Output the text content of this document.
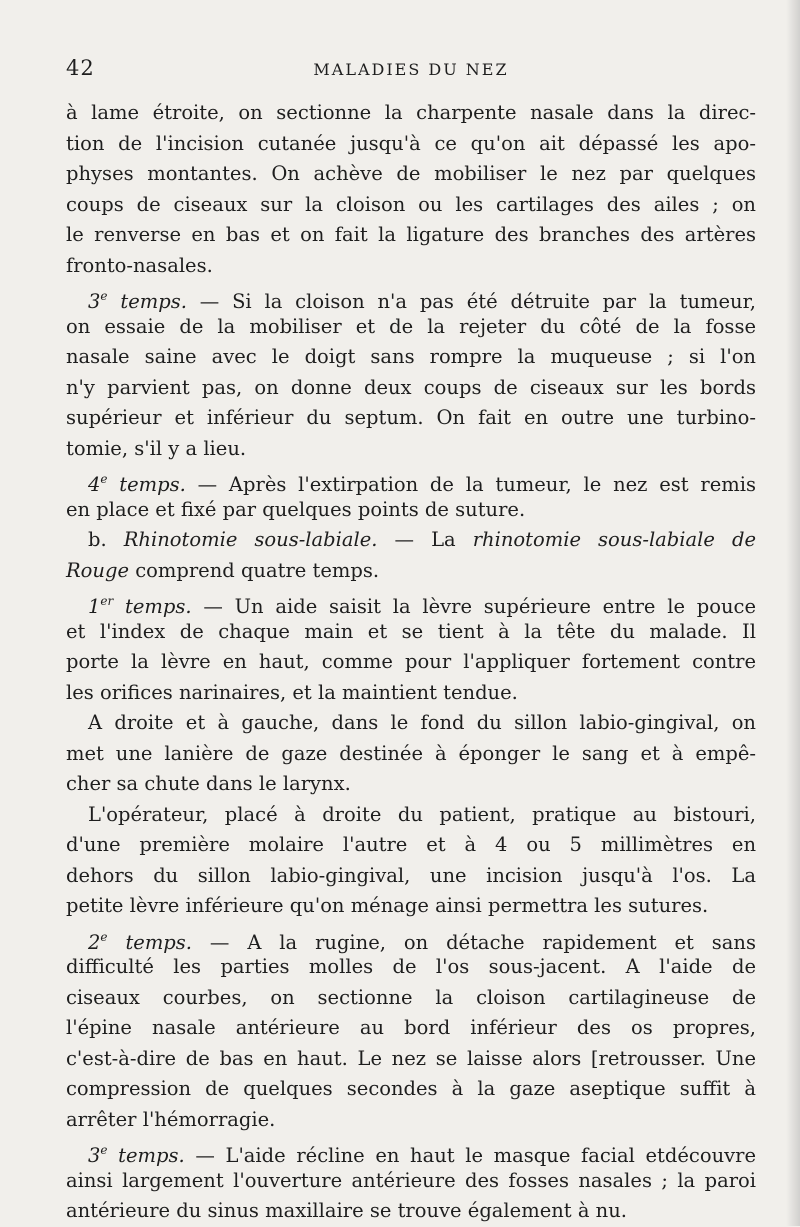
42	MALADIES DU NEZ
à lame étroite, on sectionne la charpente nasale dans la direc-
tion de l'incision cutanée jusqu'à ce qu'on ait dépassé les apo-
physes montantes. On achève de mobiliser le nez par quelques
coups de ciseaux sur la cloison ou les cartilages des ailes ; on
le renverse en bas et on fait la ligature des branches des artères
fronto-nasales.
3e temps. — Si la cloison n'a pas été détruite par la tumeur,
on essaie de la mobiliser et de la rejeter du côté de la fosse
nasale saine avec le doigt sans rompre la muqueuse ; si l'on
n'y parvient pas, on donne deux coups de ciseaux sur les bords
supérieur et inférieur du septum. On fait en outre une turbino-
tomie, s'il y a lieu.
4e temps. — Après l'extirpation de la tumeur, le nez est remis
en place et fixé par quelques points de suture.
b. Rhinotomie sous-labiale. — La rhinotomie sous-labiale de
Rouge comprend quatre temps.
1er temps. — Un aide saisit la lèvre supérieure entre le pouce
et l'index de chaque main et se tient à la tête du malade. Il
porte la lèvre en haut, comme pour l'appliquer fortement contre
les orifices narinaires, et la maintient tendue.
A droite et à gauche, dans le fond du sillon labio-gingival, on
met une lanière de gaze destinée à éponger le sang et à empê-
cher sa chute dans le larynx.
L'opérateur, placé à droite du patient, pratique au bistouri,
d'une première molaire l'autre et à 4 ou 5 millimètres en
dehors du sillon labio-gingival, une incision jusqu'à l'os. La
petite lèvre inférieure qu'on ménage ainsi permettra les sutures.
2e temps. — A la rugine, on détache rapidement et sans
difficulté les parties molles de l'os sous-jacent. A l'aide de
ciseaux courbes, on sectionne la cloison cartilagineuse de
l'épine nasale antérieure au bord inférieur des os propres,
c'est-à-dire de bas en haut. Le nez se laisse alors [retrousser. Une
compression de quelques secondes à la gaze aseptique suffit à
arrêter l'hémorragie.
3e temps. — L'aide récline en haut le masque facial etdécouvre
ainsi largement l'ouverture antérieure des fosses nasales ; la paroi
antérieure du sinus maxillaire se trouve également à nu.
